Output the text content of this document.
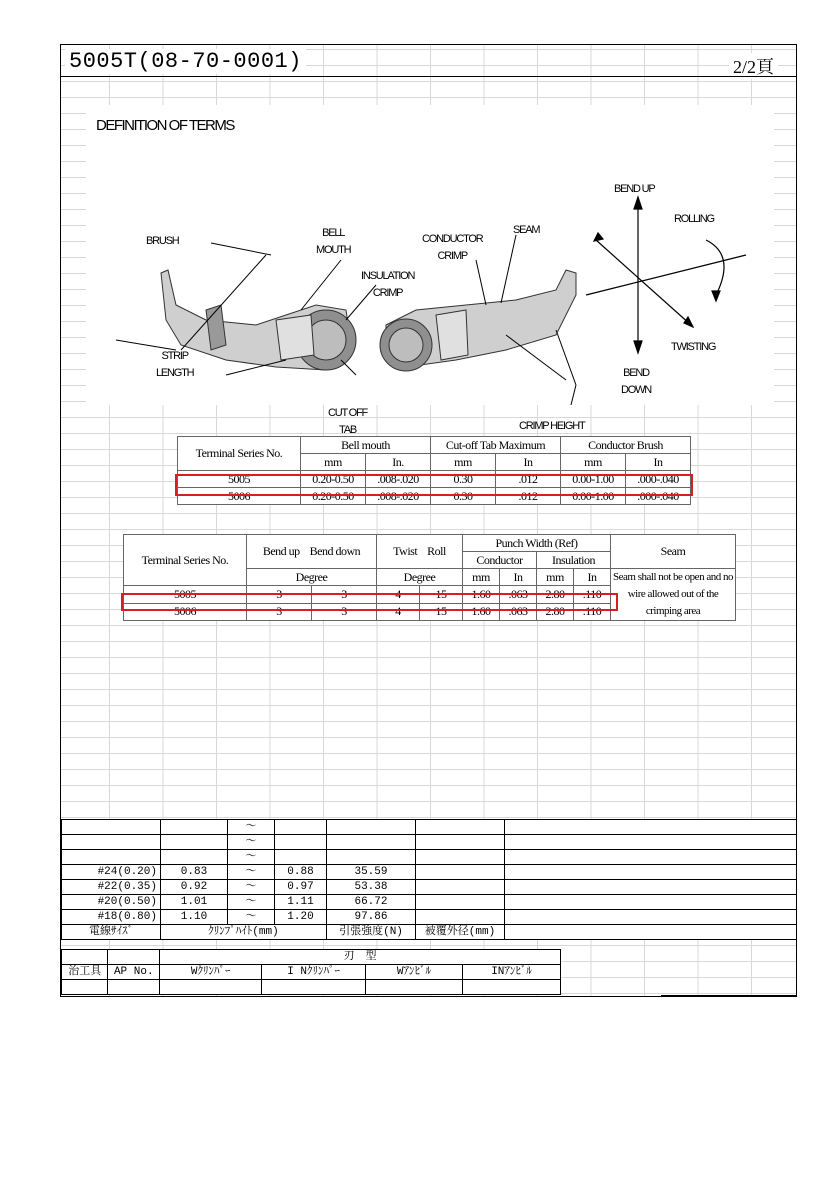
5005T(08-70-0001)	2/2頁
DEFINITION OF TERMS
BRUSH
BELL
MOUTH
INSULATION
CRIMP
STRIP
LENGTH
CUT OFF
TAB
CONDUCTOR
CRIMP
SEAM
CRIMP HEIGHT
BEND UP
ROLLING
TWISTING
BEND
DOWN
Terminal Series No.	Bell mouth		Cut-off Tab Maximum		Conductor Brush	
	mm	In.	mm	In	mm	In
5005	0.20-0.50	.008-.020	0.30	.012	0.00-1.00	.000-.040
5006	0.20-0.50	.008-.020	0.30	.012	0.00-1.00	.000-.040
Terminal Series No.	Bend up    Bend down		Twist    Roll		Punch Width (Ref)				Seam
					Conductor		Insulation		
	Degree		Degree		mm	In	mm	In	Seam shall not be open and no wire allowed out of the crimping area
5005	3	3	4	15	1.60	.063	2.80	.110	
5006	3	3	4	15	1.60	.063	2.80	.110	
		～				
		～				
		～				
#24(0.20)	0.83	～	0.88	35.59		
#22(0.35)	0.92	～	0.97	53.38		
#20(0.50)	1.01	～	1.11	66.72		
#18(0.80)	1.10	～	1.20	97.86		
電線ｻｲｽﾞ	ｸﾘﾝﾌﾟﾊｲﾄ(mm)			引張強度(N)	被覆外径(mm)	
		刃　型			
治工具	AP No.	Wｸﾘﾝﾊﾟｰ	I Nｸﾘﾝﾊﾟｰ	Wｱﾝﾋﾞﾙ	INｱﾝﾋﾞﾙ
